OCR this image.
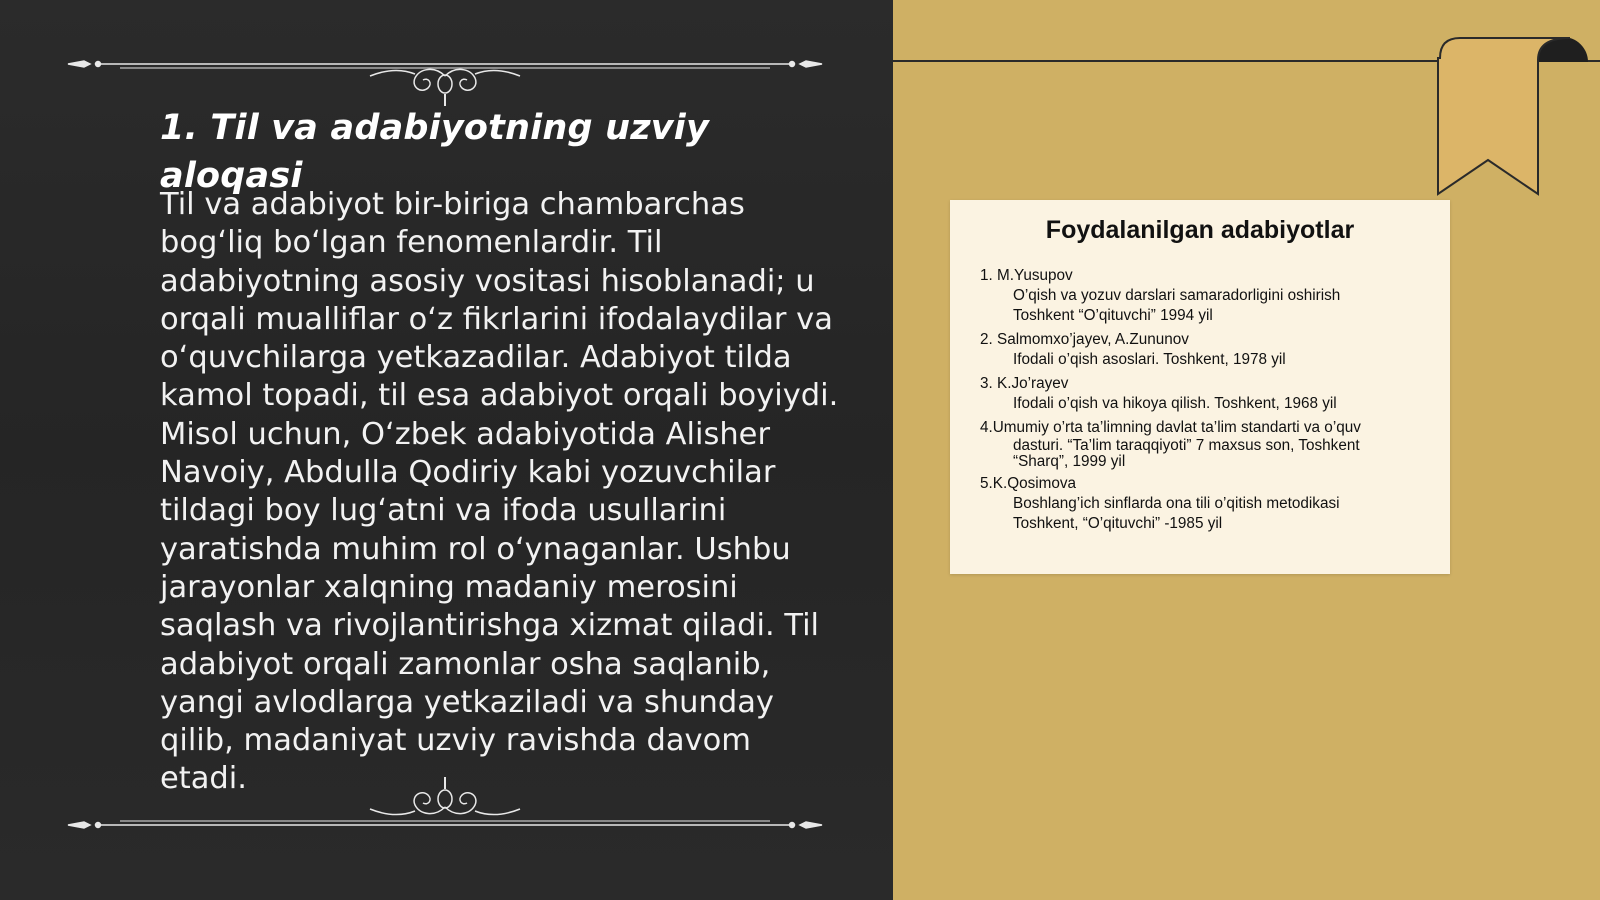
1. Til va adabiyotning uzviy aloqasi

Til va adabiyot bir-biriga chambarchas bog‘liq bo‘lgan fenomenlardir. Til adabiyotning asosiy vositasi hisoblanadi; u orqali mualliflar o‘z fikrlarini ifodalaydilar va o‘quvchilarga yetkazadilar. Adabiyot tilda kamol topadi, til esa adabiyot orqali boyiydi. Misol uchun, O‘zbek adabiyotida Alisher Navoiy, Abdulla Qodiriy kabi yozuvchilar tildagi boy lug‘atni va ifoda usullarini yaratishda muhim rol o‘ynaganlar. Ushbu jarayonlar xalqning madaniy merosini saqlash va rivojlantirishga xizmat qiladi. Til adabiyot orqali zamonlar osha saqlanib, yangi avlodlarga yetkaziladi va shunday qilib, madaniyat uzviy ravishda davom etadi.

Foydalanilgan adabiyotlar
1. M.Yusupov
O’qish va yozuv darslari samaradorligini oshirish
Toshkent “O’qituvchi” 1994 yil
2. Salmomxo’jayev, A.Zununov
Ifodali o’qish asoslari. Toshkent, 1978 yil
3. K.Jo’rayev
Ifodali o’qish va hikoya qilish. Toshkent, 1968 yil
4.Umumiy o’rta ta’limning davlat ta’lim standarti va o’quv
dasturi. “Ta’lim taraqqiyoti” 7 maxsus son, Toshkent
“Sharq”, 1999 yil
5.K.Qosimova
Boshlang’ich sinflarda ona tili o’qitish metodikasi
Toshkent, “O’qituvchi” -1985 yil
